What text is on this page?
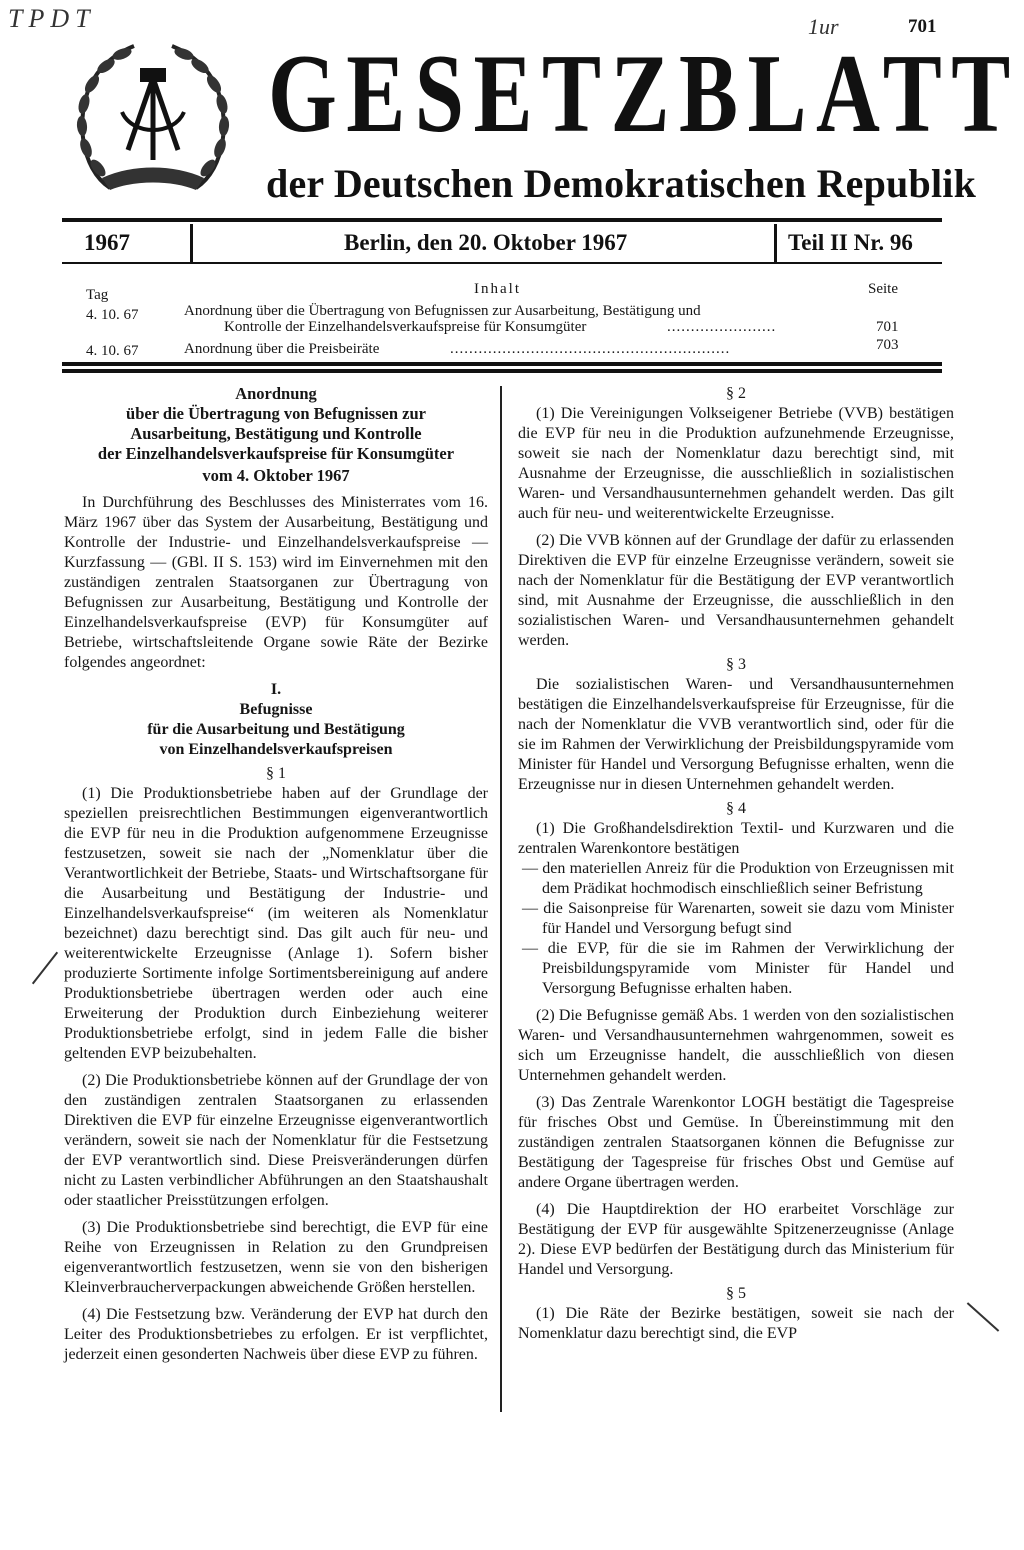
TPDT	1ur	701
GESETZBLATT
der Deutschen Demokratischen Republik
1967	Berlin, den 20. Oktober 1967	Teil II Nr. 96
Tag	Inhalt	Seite
4. 10. 67	Anordnung über die Übertragung von Befugnissen zur Ausarbeitung, Bestätigung und
Kontrolle der Einzelhandelsverkaufspreise für Konsumgüter	.......................	701
4. 10. 67	Anordnung über die Preisbeiräte	...........................................................	703

Anordnung

über die Übertragung von Befugnissen zur

Ausarbeitung, Bestätigung und Kontrolle

der Einzelhandelsverkaufspreise für Konsumgüter

vom 4. Oktober 1967

In Durchführung des Beschlusses des Ministerrates vom 16. März 1967 über das System der Ausarbeitung, Bestätigung und Kontrolle der Industrie- und Einzelhandelsverkaufspreise — Kurzfassung — (GBl. II S. 153) wird im Einvernehmen mit den zuständigen zentralen Staatsorganen zur Übertragung von Befugnissen zur Ausarbeitung, Bestätigung und Kontrolle der Einzelhandelsverkaufspreise (EVP) für Konsumgüter auf Betriebe, wirtschaftsleitende Organe sowie Räte der Bezirke folgendes angeordnet:

I.

Befugnisse

für die Ausarbeitung und Bestätigung

von Einzelhandelsverkaufspreisen

§ 1

(1) Die Produktionsbetriebe haben auf der Grundlage der speziellen preisrechtlichen Bestimmungen eigenverantwortlich die EVP für neu in die Produktion aufgenommene Erzeugnisse festzusetzen, soweit sie nach der „Nomenklatur über die Verantwortlichkeit der Betriebe, Staats- und Wirtschaftsorgane für die Ausarbeitung und Bestätigung der Industrie- und Einzelhandelsverkaufspreise“ (im weiteren als Nomenklatur bezeichnet) dazu berechtigt sind. Das gilt auch für neu- und weiterentwickelte Erzeugnisse (Anlage 1). Sofern bisher produzierte Sortimente infolge Sortimentsbereinigung auf andere Produktionsbetriebe übertragen werden oder auch eine Erweiterung der Produktion durch Einbeziehung weiterer Produktionsbetriebe erfolgt, sind in jedem Falle die bisher geltenden EVP beizubehalten.

(2) Die Produktionsbetriebe können auf der Grundlage der von den zuständigen zentralen Staatsorganen zu erlassenden Direktiven die EVP für einzelne Erzeugnisse eigenverantwortlich verändern, soweit sie nach der Nomenklatur für die Festsetzung der EVP verantwortlich sind. Diese Preisveränderungen dürfen nicht zu Lasten verbindlicher Abführungen an den Staatshaushalt oder staatlicher Preisstützungen erfolgen.

(3) Die Produktionsbetriebe sind berechtigt, die EVP für eine Reihe von Erzeugnissen in Relation zu den Grundpreisen eigenverantwortlich festzusetzen, wenn sie von den bisherigen Kleinverbraucherverpackungen abweichende Größen herstellen.

(4) Die Festsetzung bzw. Veränderung der EVP hat durch den Leiter des Produktionsbetriebes zu erfolgen. Er ist verpflichtet, jederzeit einen gesonderten Nachweis über diese EVP zu führen.

§ 2

(1) Die Vereinigungen Volkseigener Betriebe (VVB) bestätigen die EVP für neu in die Produktion aufzunehmende Erzeugnisse, soweit sie nach der Nomenklatur dazu berechtigt sind, mit Ausnahme der Erzeugnisse, die ausschließlich in sozialistischen Waren- und Versandhausunternehmen gehandelt werden. Das gilt auch für neu- und weiterentwickelte Erzeugnisse.

(2) Die VVB können auf der Grundlage der dafür zu erlassenden Direktiven die EVP für einzelne Erzeugnisse verändern, soweit sie nach der Nomenklatur für die Bestätigung der EVP verantwortlich sind, mit Ausnahme der Erzeugnisse, die ausschließlich in den sozialistischen Waren- und Versandhausunternehmen gehandelt werden.

§ 3

Die sozialistischen Waren- und Versandhausunternehmen bestätigen die Einzelhandelsverkaufspreise für Erzeugnisse, für die nach der Nomenklatur die VVB verantwortlich sind, oder für die sie im Rahmen der Verwirklichung der Preisbildungspyramide vom Minister für Handel und Versorgung Befugnisse erhalten, wenn die Erzeugnisse nur in diesen Unternehmen gehandelt werden.

§ 4

(1) Die Großhandelsdirektion Textil- und Kurzwaren und die zentralen Warenkontore bestätigen

— den materiellen Anreiz für die Produktion von Erzeugnissen mit dem Prädikat hochmodisch einschließlich seiner Befristung
— die Saisonpreise für Warenarten, soweit sie dazu vom Minister für Handel und Versorgung befugt sind
— die EVP, für die sie im Rahmen der Verwirklichung der Preisbildungspyramide vom Minister für Handel und Versorgung Befugnisse erhalten haben.

(2) Die Befugnisse gemäß Abs. 1 werden von den sozialistischen Waren- und Versandhausunternehmen wahrgenommen, soweit es sich um Erzeugnisse handelt, die ausschließlich von diesen Unternehmen gehandelt werden.

(3) Das Zentrale Warenkontor LOGH bestätigt die Tagespreise für frisches Obst und Gemüse. In Übereinstimmung mit den zuständigen zentralen Staatsorganen können die Befugnisse zur Bestätigung der Tagespreise für frisches Obst und Gemüse auf andere Organe übertragen werden.

(4) Die Hauptdirektion der HO erarbeitet Vorschläge zur Bestätigung der EVP für ausgewählte Spitzenerzeugnisse (Anlage 2). Diese EVP bedürfen der Bestätigung durch das Ministerium für Handel und Versorgung.

§ 5

(1) Die Räte der Bezirke bestätigen, soweit sie nach der Nomenklatur dazu berechtigt sind, die EVP
